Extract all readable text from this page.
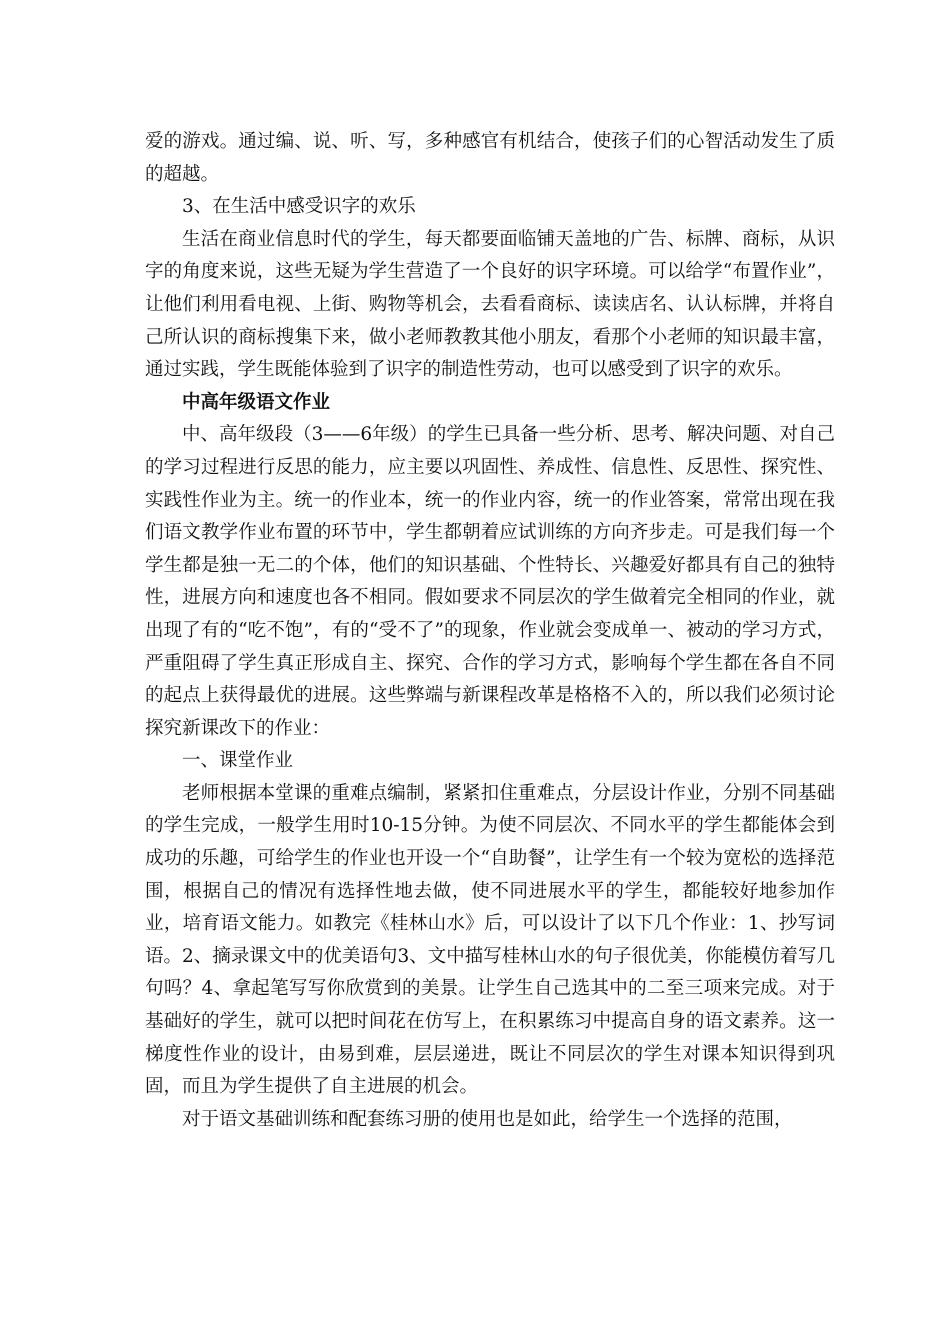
爱的游戏。通过编、说、听、写，多种感官有机结合，使孩子们的心智活动发生了质的超越。

3、在生活中感受识字的欢乐

生活在商业信息时代的学生，每天都要面临铺天盖地的广告、标牌、商标，从识字的角度来说，这些无疑为学生营造了一个良好的识字环境。可以给学“布置作业”，让他们利用看电视、上街、购物等机会，去看看商标、读读店名、认认标牌，并将自己所认识的商标搜集下来，做小老师教教其他小朋友，看那个小老师的知识最丰富，通过实践，学生既能体验到了识字的制造性劳动，也可以感受到了识字的欢乐。

中高年级语文作业

中、高年级段（3——6年级）的学生已具备一些分析、思考、解决问题、对自己的学习过程进行反思的能力，应主要以巩固性、养成性、信息性、反思性、探究性、实践性作业为主。统一的作业本，统一的作业内容，统一的作业答案，常常出现在我们语文教学作业布置的环节中，学生都朝着应试训练的方向齐步走。可是我们每一个学生都是独一无二的个体，他们的知识基础、个性特长、兴趣爱好都具有自己的独特性，进展方向和速度也各不相同。假如要求不同层次的学生做着完全相同的作业，就出现了有的“吃不饱”，有的“受不了”的现象，作业就会变成单一、被动的学习方式，严重阻碍了学生真正形成自主、探究、合作的学习方式，影响每个学生都在各自不同的起点上获得最优的进展。这些弊端与新课程改革是格格不入的，所以我们必须讨论探究新课改下的作业：

一、课堂作业

老师根据本堂课的重难点编制，紧紧扣住重难点，分层设计作业，分别不同基础的学生完成，一般学生用时10-15分钟。为使不同层次、不同水平的学生都能体会到成功的乐趣，可给学生的作业也开设一个“自助餐”，让学生有一个较为宽松的选择范围，根据自己的情况有选择性地去做，使不同进展水平的学生，都能较好地参加作业，培育语文能力。如教完《桂林山水》后，可以设计了以下几个作业：1、抄写词语。2、摘录课文中的优美语句3、文中描写桂林山水的句子很优美，你能模仿着写几句吗？4、拿起笔写写你欣赏到的美景。让学生自己选其中的二至三项来完成。对于基础好的学生，就可以把时间花在仿写上，在积累练习中提高自身的语文素养。这一梯度性作业的设计，由易到难，层层递进，既让不同层次的学生对课本知识得到巩固，而且为学生提供了自主进展的机会。

对于语文基础训练和配套练习册的使用也是如此，给学生一个选择的范围，
